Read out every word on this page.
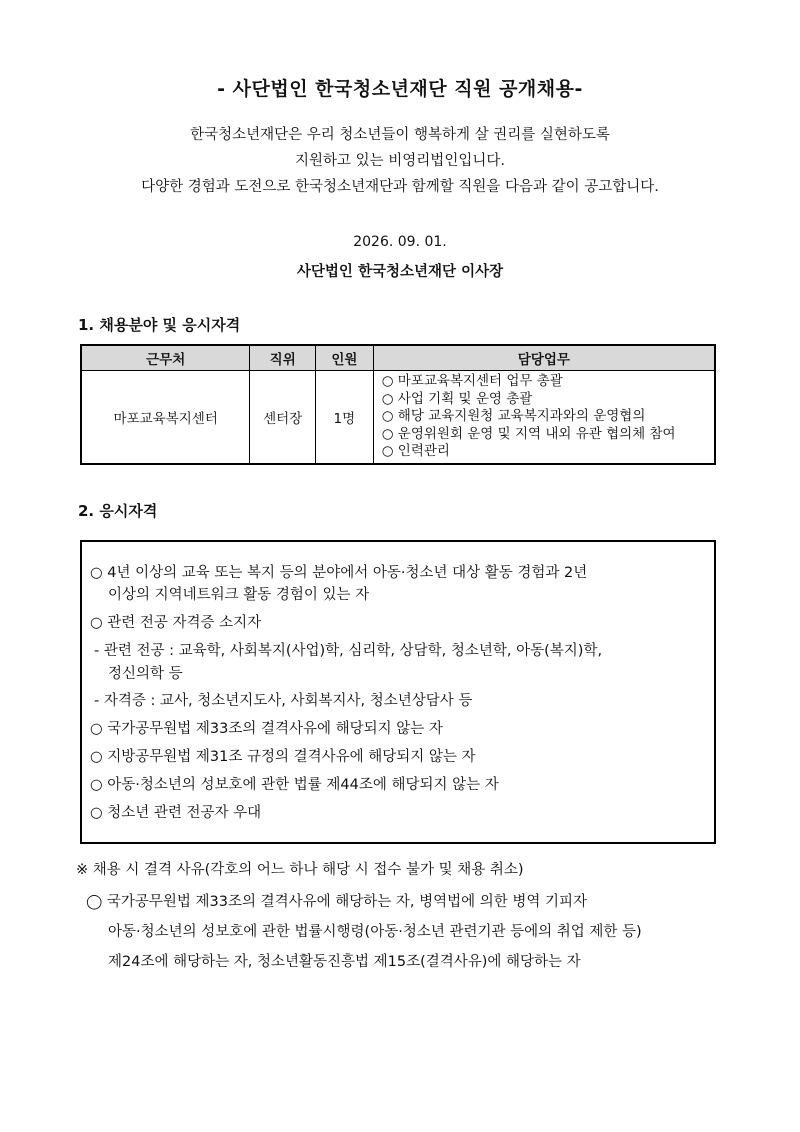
- 사단법인 한국청소년재단 직원 공개채용-
한국청소년재단은 우리 청소년들이 행복하게 살 권리를 실현하도록
지원하고 있는 비영리법인입니다.
다양한 경험과 도전으로 한국청소년재단과 함께할 직원을 다음과 같이 공고합니다.
2026. 09. 01.
사단법인 한국청소년재단 이사장
1. 채용분야 및 응시자격
근무처	직위	인원	담당업무
마포교육복지센터	센터장	1명	○ 마포교육복지센터 업무 총괄
○ 사업 기획 및 운영 총괄
○ 해당 교육지원청 교육복지과와의 운영협의
○ 운영위원회 운영 및 지역 내외 유관 협의체 참여
○ 인력관리
2. 응시자격
○ 4년 이상의 교육 또는 복지 등의 분야에서 아동·청소년 대상 활동 경험과 2년
이상의 지역네트워크 활동 경험이 있는 자
○ 관련 전공 자격증 소지자
- 관련 전공 : 교육학, 사회복지(사업)학, 심리학, 상담학, 청소년학, 아동(복지)학,
정신의학 등
- 자격증 : 교사, 청소년지도사, 사회복지사, 청소년상담사 등
○ 국가공무원법 제33조의 결격사유에 해당되지 않는 자
○ 지방공무원법 제31조 규정의 결격사유에 해당되지 않는 자
○ 아동·청소년의 성보호에 관한 법률 제44조에 해당되지 않는 자
○ 청소년 관련 전공자 우대
※ 채용 시 결격 사유(각호의 어느 하나 해당 시 접수 불가 및 채용 취소)
◯ 국가공무원법 제33조의 결격사유에 해당하는 자, 병역법에 의한 병역 기피자
아동·청소년의 성보호에 관한 법률시행령(아동·청소년 관련기관 등에의 취업 제한 등)
제24조에 해당하는 자, 청소년활동진흥법 제15조(결격사유)에 해당하는 자
